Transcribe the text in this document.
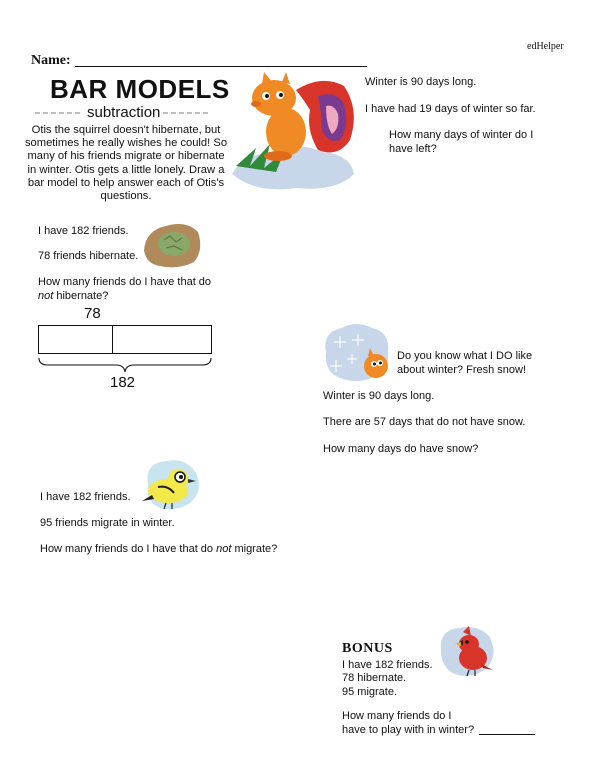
edHelper
Name:
BAR MODELS
subtraction
Otis the squirrel doesn't hibernate, but sometimes he really wishes he could! So many of his friends migrate or hibernate in winter. Otis gets a little lonely. Draw a bar model to help answer each of Otis's questions.
Winter is 90 days long.
I have had 19 days of winter so far.
How many days of winter do I
have left?
I have 182 friends.
78 friends hibernate.
How many friends do I have that do
not hibernate?
78
182
Do you know what I DO like
about winter? Fresh snow!
Winter is 90 days long.
There are 57 days that do not have snow.
How many days do have snow?
I have 182 friends.
95 friends migrate in winter.
How many friends do I have that do not migrate?
BONUS
I have 182 friends.
78 hibernate.
95 migrate.
How many friends do I
have to play with in winter?
